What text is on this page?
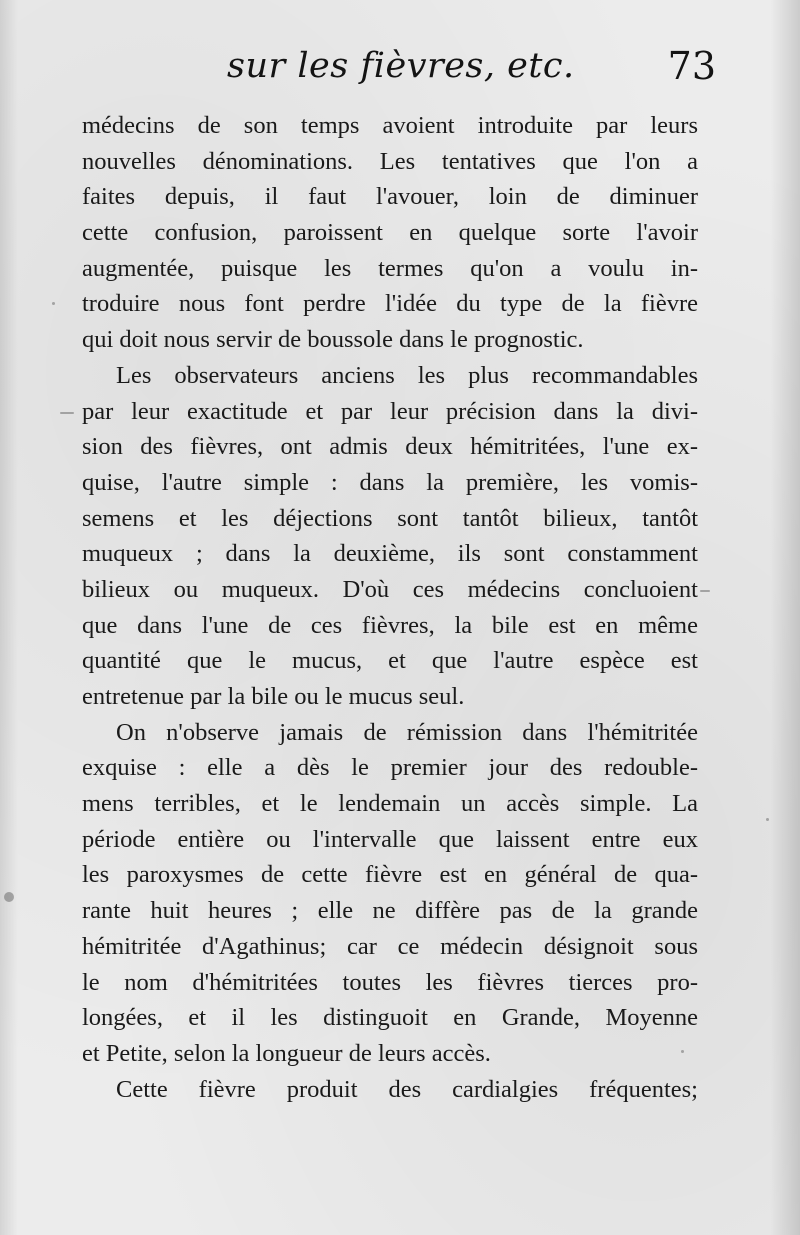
sur les fièvres, etc. 73
médecins de son temps avoient introduite par leurs
nouvelles dénominations. Les tentatives que l'on a
faites depuis, il faut l'avouer, loin de diminuer
cette confusion, paroissent en quelque sorte l'avoir
augmentée, puisque les termes qu'on a voulu in-
troduire nous font perdre l'idée du type de la fièvre
qui doit nous servir de boussole dans le prognostic.
Les observateurs anciens les plus recommandables
par leur exactitude et par leur précision dans la divi-
sion des fièvres, ont admis deux hémitritées, l'une ex-
quise, l'autre simple : dans la première, les vomis-
semens et les déjections sont tantôt bilieux, tantôt
muqueux ; dans la deuxième, ils sont constamment
bilieux ou muqueux. D'où ces médecins concluoient
que dans l'une de ces fièvres, la bile est en même
quantité que le mucus, et que l'autre espèce est
entretenue par la bile ou le mucus seul.
On n'observe jamais de rémission dans l'hémitritée
exquise : elle a dès le premier jour des redouble-
mens terribles, et le lendemain un accès simple. La
période entière ou l'intervalle que laissent entre eux
les paroxysmes de cette fièvre est en général de qua-
rante huit heures ; elle ne diffère pas de la grande
hémitritée d'Agathinus; car ce médecin désignoit sous
le nom d'hémitritées toutes les fièvres tierces pro-
longées, et il les distinguoit en Grande, Moyenne
et Petite, selon la longueur de leurs accès.
Cette fièvre produit des cardialgies fréquentes;
